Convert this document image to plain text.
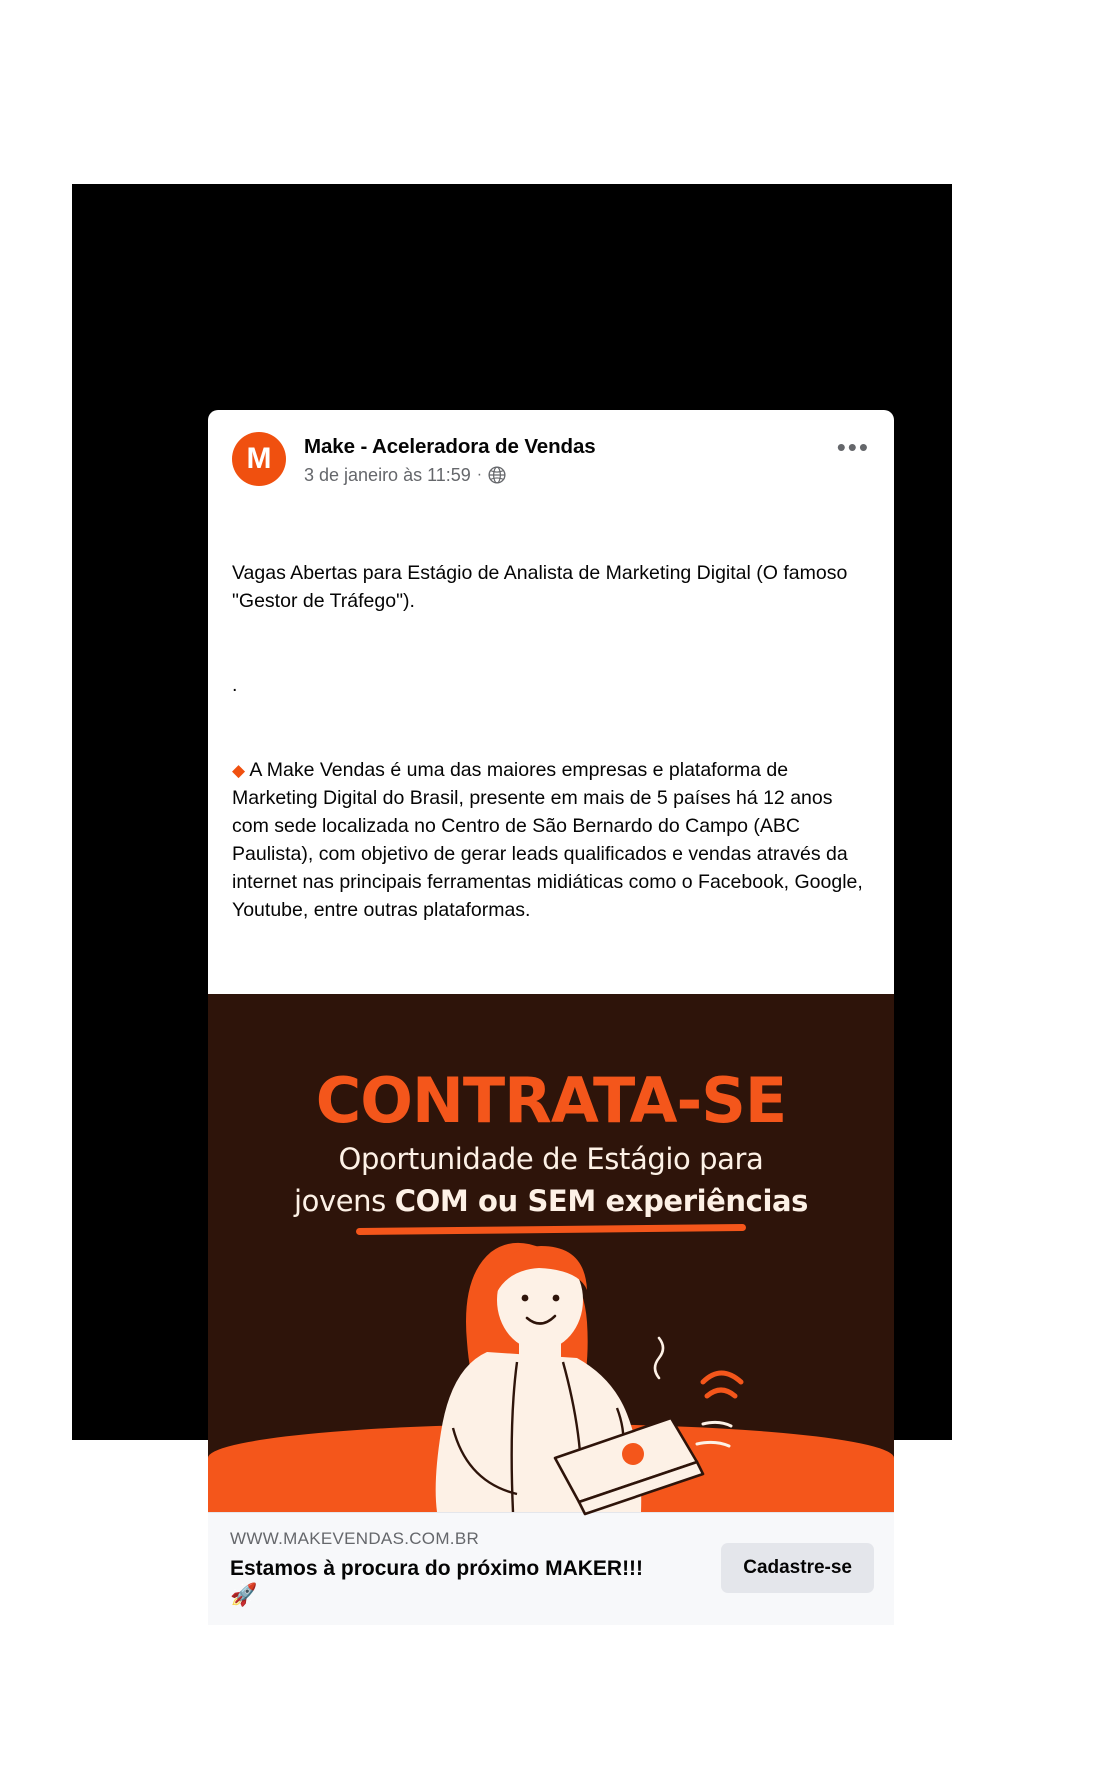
M	Make - Aceleradora de Vendas
3 de janeiro às 11:59 ·
•••

Vagas Abertas para Estágio de Analista de Marketing Digital (O famoso "Gestor de Tráfego").

.

◆ A Make Vendas é uma das maiores empresas e plataforma de Marketing Digital do Brasil, presente em mais de 5 países há 12 anos com sede localizada no Centro de São Bernardo do Campo (ABC Paulista), com objetivo de gerar leads qualificados e vendas através da internet nas principais ferramentas midiáticas como o Facebook, Google, Youtube, entre outras plataformas.

CONTRATA-SE
Oportunidade de Estágio para
jovens COM ou SEM experiências
WWW.MAKEVENDAS.COM.BR
Estamos à procura do próximo MAKER!!!
🚀
Cadastre-se
